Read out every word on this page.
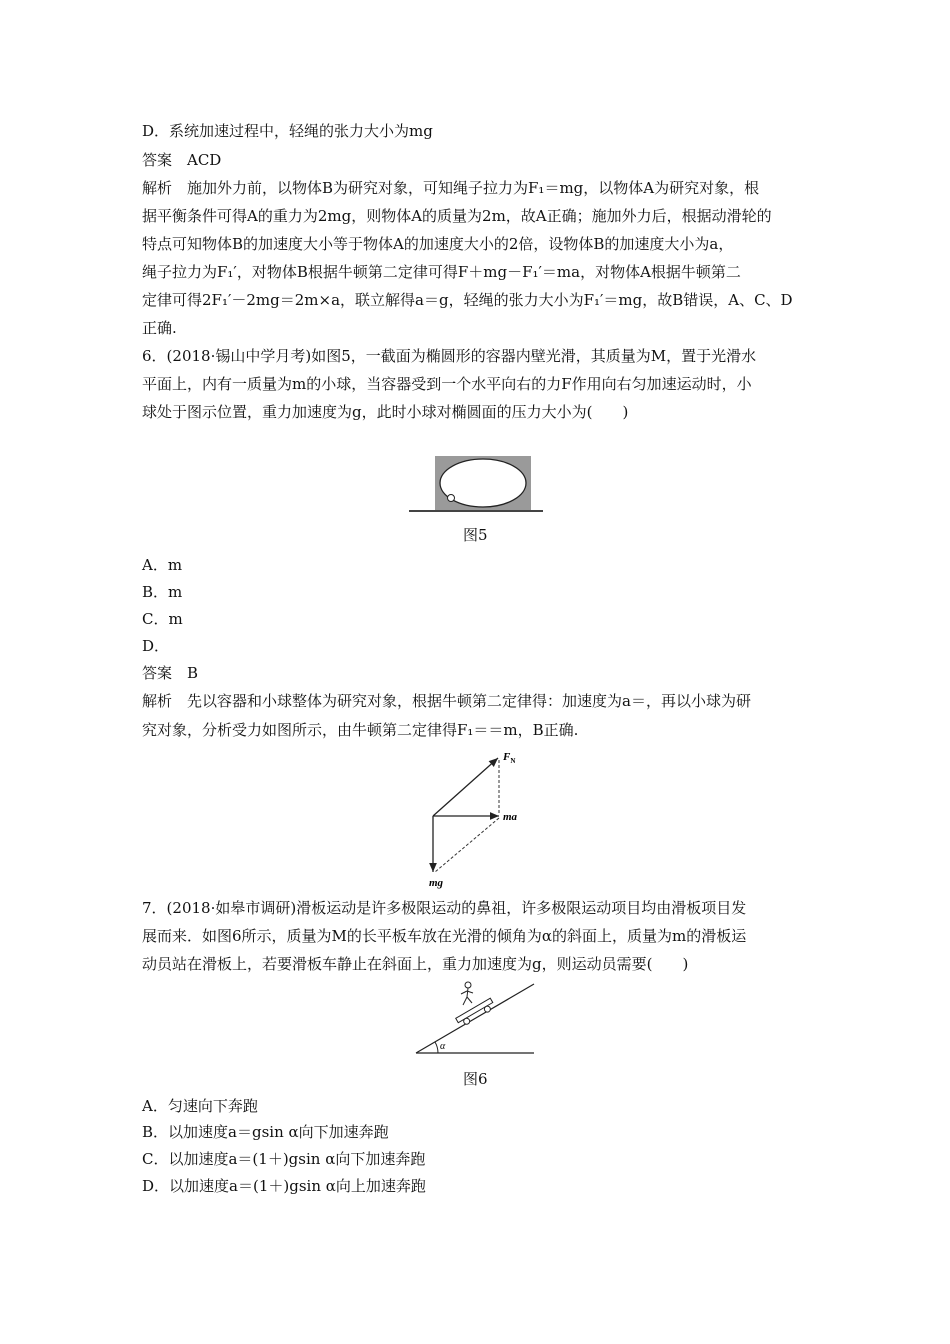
D．系统加速过程中，轻绳的张力大小为mg
答案　ACD
解析　施加外力前，以物体B为研究对象，可知绳子拉力为F₁＝mg，以物体A为研究对象，根
据平衡条件可得A的重力为2mg，则物体A的质量为2m，故A正确；施加外力后，根据动滑轮的
特点可知物体B的加速度大小等于物体A的加速度大小的2倍，设物体B的加速度大小为a，
绳子拉力为F₁′，对物体B根据牛顿第二定律可得F＋mg－F₁′＝ma，对物体A根据牛顿第二
定律可得2F₁′－2mg＝2m×a，联立解得a＝g，轻绳的张力大小为F₁′＝mg，故B错误，A、C、D
正确.
6．(2018·锡山中学月考)如图5，一截面为椭圆形的容器内壁光滑，其质量为M，置于光滑水
平面上，内有一质量为m的小球，当容器受到一个水平向右的力F作用向右匀加速运动时，小
球处于图示位置，重力加速度为g，此时小球对椭圆面的压力大小为(　　)
图5
A．m
B．m
C．m
D．
答案　B
解析　先以容器和小球整体为研究对象，根据牛顿第二定律得：加速度为a＝，再以小球为研
究对象，分析受力如图所示，由牛顿第二定律得F₁＝＝m，B正确.
$F_N$
ma
mg
7．(2018·如皋市调研)滑板运动是许多极限运动的鼻祖，许多极限运动项目均由滑板项目发
展而来．如图6所示，质量为M的长平板车放在光滑的倾角为α的斜面上，质量为m的滑板运
动员站在滑板上，若要滑板车静止在斜面上，重力加速度为g，则运动员需要(　　)
α
图6
A．匀速向下奔跑
B．以加速度a＝gsin α向下加速奔跑
C．以加速度a＝(1＋)gsin α向下加速奔跑
D．以加速度a＝(1＋)gsin α向上加速奔跑
